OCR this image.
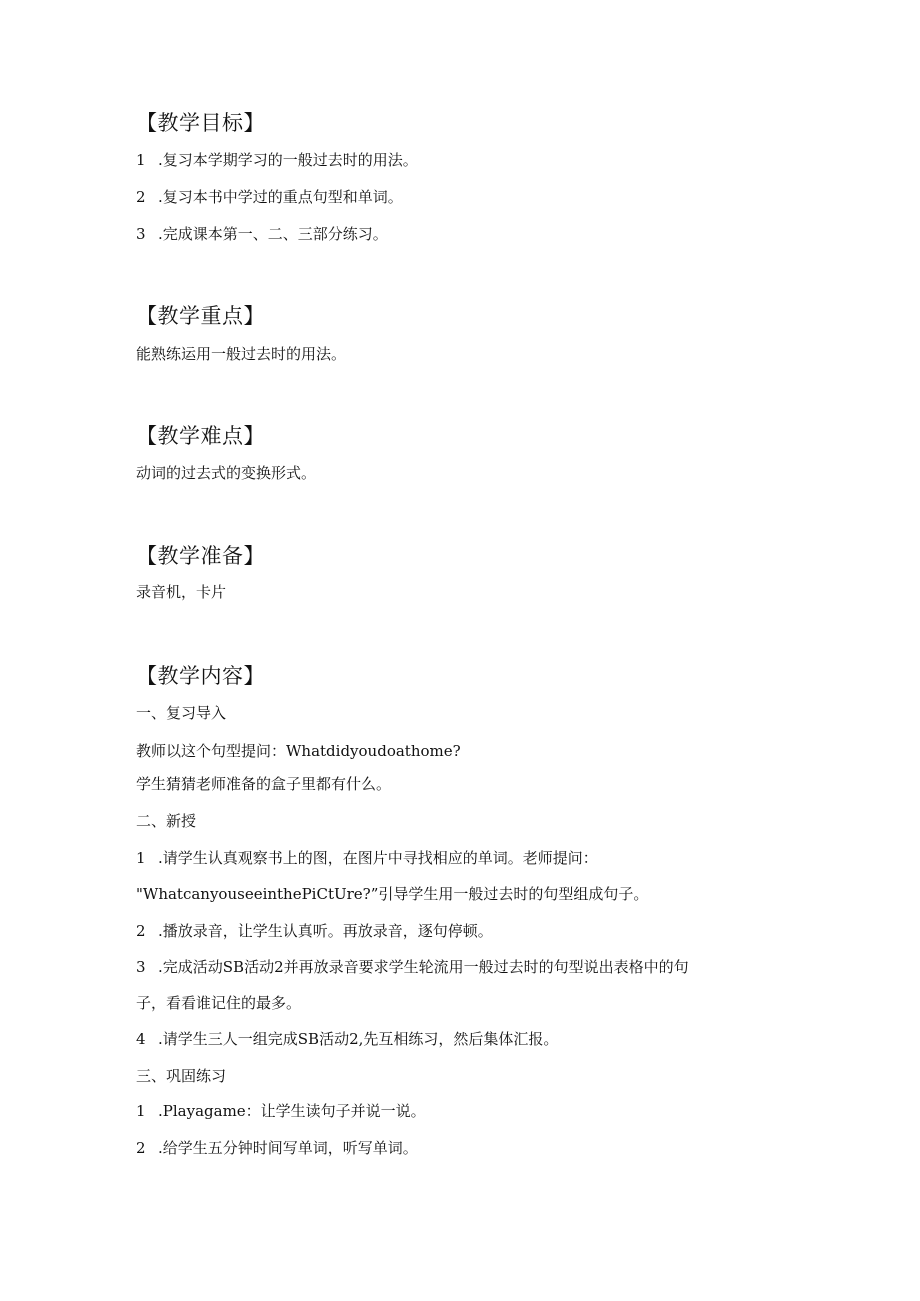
【教学目标】
1 .复习本学期学习的一般过去时的用法。
2 .复习本书中学过的重点句型和单词。
3 .完成课本第一、二、三部分练习。
【教学重点】
能熟练运用一般过去时的用法。
【教学难点】
动词的过去式的变换形式。
【教学准备】
录音机，卡片
【教学内容】
一、复习导入
教师以这个句型提问：Whatdidyoudoathome?
学生猜猜老师准备的盒子里都有什么。
二、新授
1 .请学生认真观察书上的图，在图片中寻找相应的单词。老师提问：
"WhatcanyouseeinthePiCtUre?”引导学生用一般过去时的句型组成句子。
2 .播放录音，让学生认真听。再放录音，逐句停顿。
3 .完成活动SB活动2并再放录音要求学生轮流用一般过去时的句型说出表格中的句
子，看看谁记住的最多。
4 .请学生三人一组完成SB活动2,先互相练习，然后集体汇报。
三、巩固练习
1 .Playagame：让学生读句子并说一说。
2 .给学生五分钟时间写单词，听写单词。
